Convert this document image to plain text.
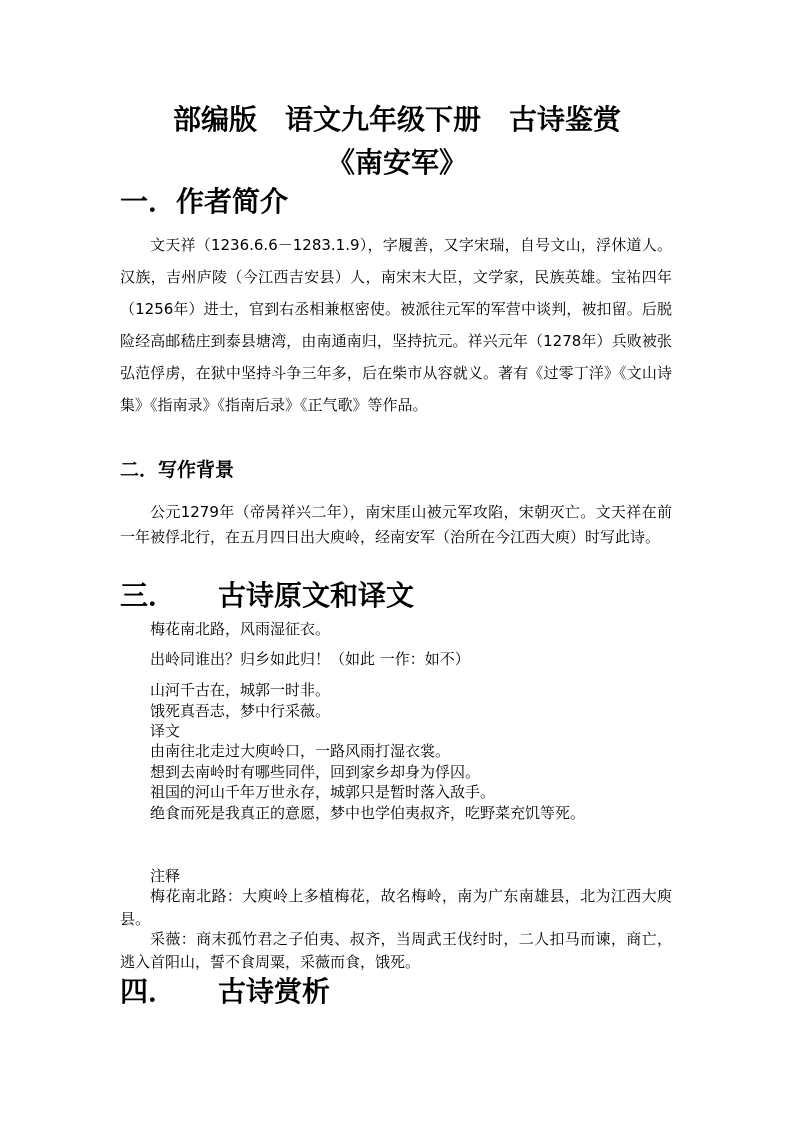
部编版　语文九年级下册　古诗鉴赏
《南安军》
一．作者简介

文天祥（1236.6.6－1283.1.9），字履善，又字宋瑞，自号文山，浮休道人。汉族，吉州庐陵（今江西吉安县）人，南宋末大臣，文学家，民族英雄。宝祐四年（1256年）进士，官到右丞相兼枢密使。被派往元军的军营中谈判，被扣留。后脱险经高邮嵇庄到泰县塘湾，由南通南归，坚持抗元。祥兴元年（1278年）兵败被张弘范俘虏，在狱中坚持斗争三年多，后在柴市从容就义。著有《过零丁洋》《文山诗集》《指南录》《指南后录》《正气歌》等作品。

二．写作背景

公元1279年（帝昺祥兴二年），南宋厓山被元军攻陷，宋朝灭亡。文天祥在前一年被俘北行，在五月四日出大庾岭，经南安军（治所在今江西大庾）时写此诗。

三．　　古诗原文和译文

梅花南北路，风雨湿征衣。

出岭同谁出？归乡如此归！（如此 一作：如不）

山河千古在，城郭一时非。

饿死真吾志，梦中行采薇。

译文

由南往北走过大庾岭口，一路风雨打湿衣裳。

想到去南岭时有哪些同伴，回到家乡却身为俘囚。

祖国的河山千年万世永存，城郭只是暂时落入敌手。

绝食而死是我真正的意愿，梦中也学伯夷叔齐，吃野菜充饥等死。

注释

梅花南北路：大庾岭上多植梅花，故名梅岭，南为广东南雄县，北为江西大庾县。

采薇：商末孤竹君之子伯夷、叔齐，当周武王伐纣时，二人扣马而谏，商亡，逃入首阳山，誓不食周粟，采薇而食，饿死。

四．　　古诗赏析
